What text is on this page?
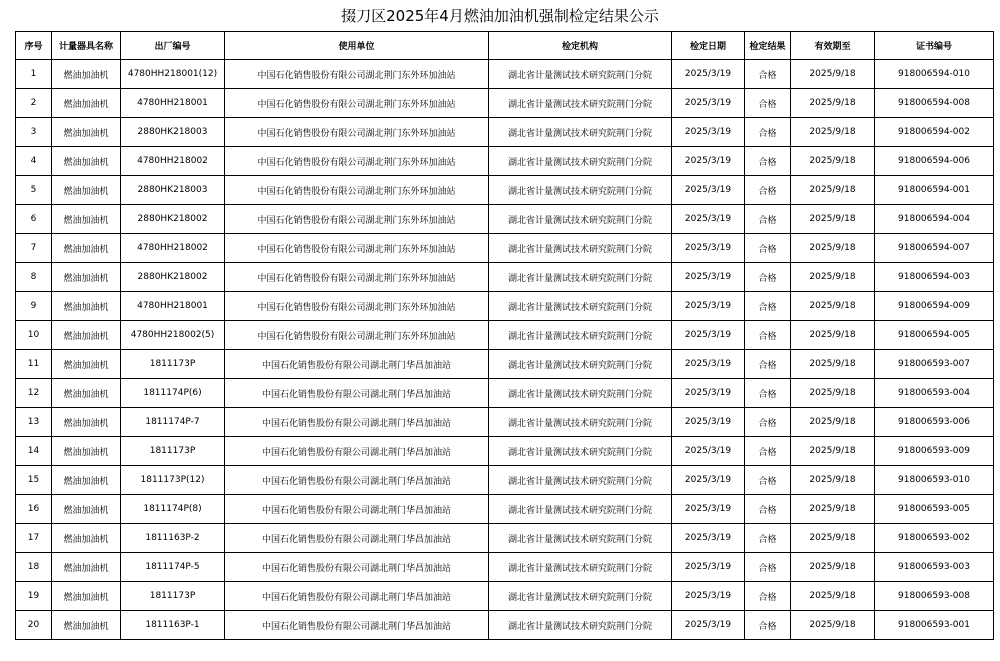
掇刀区2025年4月燃油加油机强制检定结果公示
序号	计量器具名称	出厂编号	使用单位	检定机构	检定日期	检定结果	有效期至	证书编号
1	燃油加油机	4780HH218001(12)	中国石化销售股份有限公司湖北荆门东外环加油站	湖北省计量测试技术研究院荆门分院	2025/3/19	合格	2025/9/18	918006594-010
2	燃油加油机	4780HH218001	中国石化销售股份有限公司湖北荆门东外环加油站	湖北省计量测试技术研究院荆门分院	2025/3/19	合格	2025/9/18	918006594-008
3	燃油加油机	2880HK218003	中国石化销售股份有限公司湖北荆门东外环加油站	湖北省计量测试技术研究院荆门分院	2025/3/19	合格	2025/9/18	918006594-002
4	燃油加油机	4780HH218002	中国石化销售股份有限公司湖北荆门东外环加油站	湖北省计量测试技术研究院荆门分院	2025/3/19	合格	2025/9/18	918006594-006
5	燃油加油机	2880HK218003	中国石化销售股份有限公司湖北荆门东外环加油站	湖北省计量测试技术研究院荆门分院	2025/3/19	合格	2025/9/18	918006594-001
6	燃油加油机	2880HK218002	中国石化销售股份有限公司湖北荆门东外环加油站	湖北省计量测试技术研究院荆门分院	2025/3/19	合格	2025/9/18	918006594-004
7	燃油加油机	4780HH218002	中国石化销售股份有限公司湖北荆门东外环加油站	湖北省计量测试技术研究院荆门分院	2025/3/19	合格	2025/9/18	918006594-007
8	燃油加油机	2880HK218002	中国石化销售股份有限公司湖北荆门东外环加油站	湖北省计量测试技术研究院荆门分院	2025/3/19	合格	2025/9/18	918006594-003
9	燃油加油机	4780HH218001	中国石化销售股份有限公司湖北荆门东外环加油站	湖北省计量测试技术研究院荆门分院	2025/3/19	合格	2025/9/18	918006594-009
10	燃油加油机	4780HH218002(5)	中国石化销售股份有限公司湖北荆门东外环加油站	湖北省计量测试技术研究院荆门分院	2025/3/19	合格	2025/9/18	918006594-005
11	燃油加油机	1811173P	中国石化销售股份有限公司湖北荆门华昌加油站	湖北省计量测试技术研究院荆门分院	2025/3/19	合格	2025/9/18	918006593-007
12	燃油加油机	1811174P(6)	中国石化销售股份有限公司湖北荆门华昌加油站	湖北省计量测试技术研究院荆门分院	2025/3/19	合格	2025/9/18	918006593-004
13	燃油加油机	1811174P-7	中国石化销售股份有限公司湖北荆门华昌加油站	湖北省计量测试技术研究院荆门分院	2025/3/19	合格	2025/9/18	918006593-006
14	燃油加油机	1811173P	中国石化销售股份有限公司湖北荆门华昌加油站	湖北省计量测试技术研究院荆门分院	2025/3/19	合格	2025/9/18	918006593-009
15	燃油加油机	1811173P(12)	中国石化销售股份有限公司湖北荆门华昌加油站	湖北省计量测试技术研究院荆门分院	2025/3/19	合格	2025/9/18	918006593-010
16	燃油加油机	1811174P(8)	中国石化销售股份有限公司湖北荆门华昌加油站	湖北省计量测试技术研究院荆门分院	2025/3/19	合格	2025/9/18	918006593-005
17	燃油加油机	1811163P-2	中国石化销售股份有限公司湖北荆门华昌加油站	湖北省计量测试技术研究院荆门分院	2025/3/19	合格	2025/9/18	918006593-002
18	燃油加油机	1811174P-5	中国石化销售股份有限公司湖北荆门华昌加油站	湖北省计量测试技术研究院荆门分院	2025/3/19	合格	2025/9/18	918006593-003
19	燃油加油机	1811173P	中国石化销售股份有限公司湖北荆门华昌加油站	湖北省计量测试技术研究院荆门分院	2025/3/19	合格	2025/9/18	918006593-008
20	燃油加油机	1811163P-1	中国石化销售股份有限公司湖北荆门华昌加油站	湖北省计量测试技术研究院荆门分院	2025/3/19	合格	2025/9/18	918006593-001
